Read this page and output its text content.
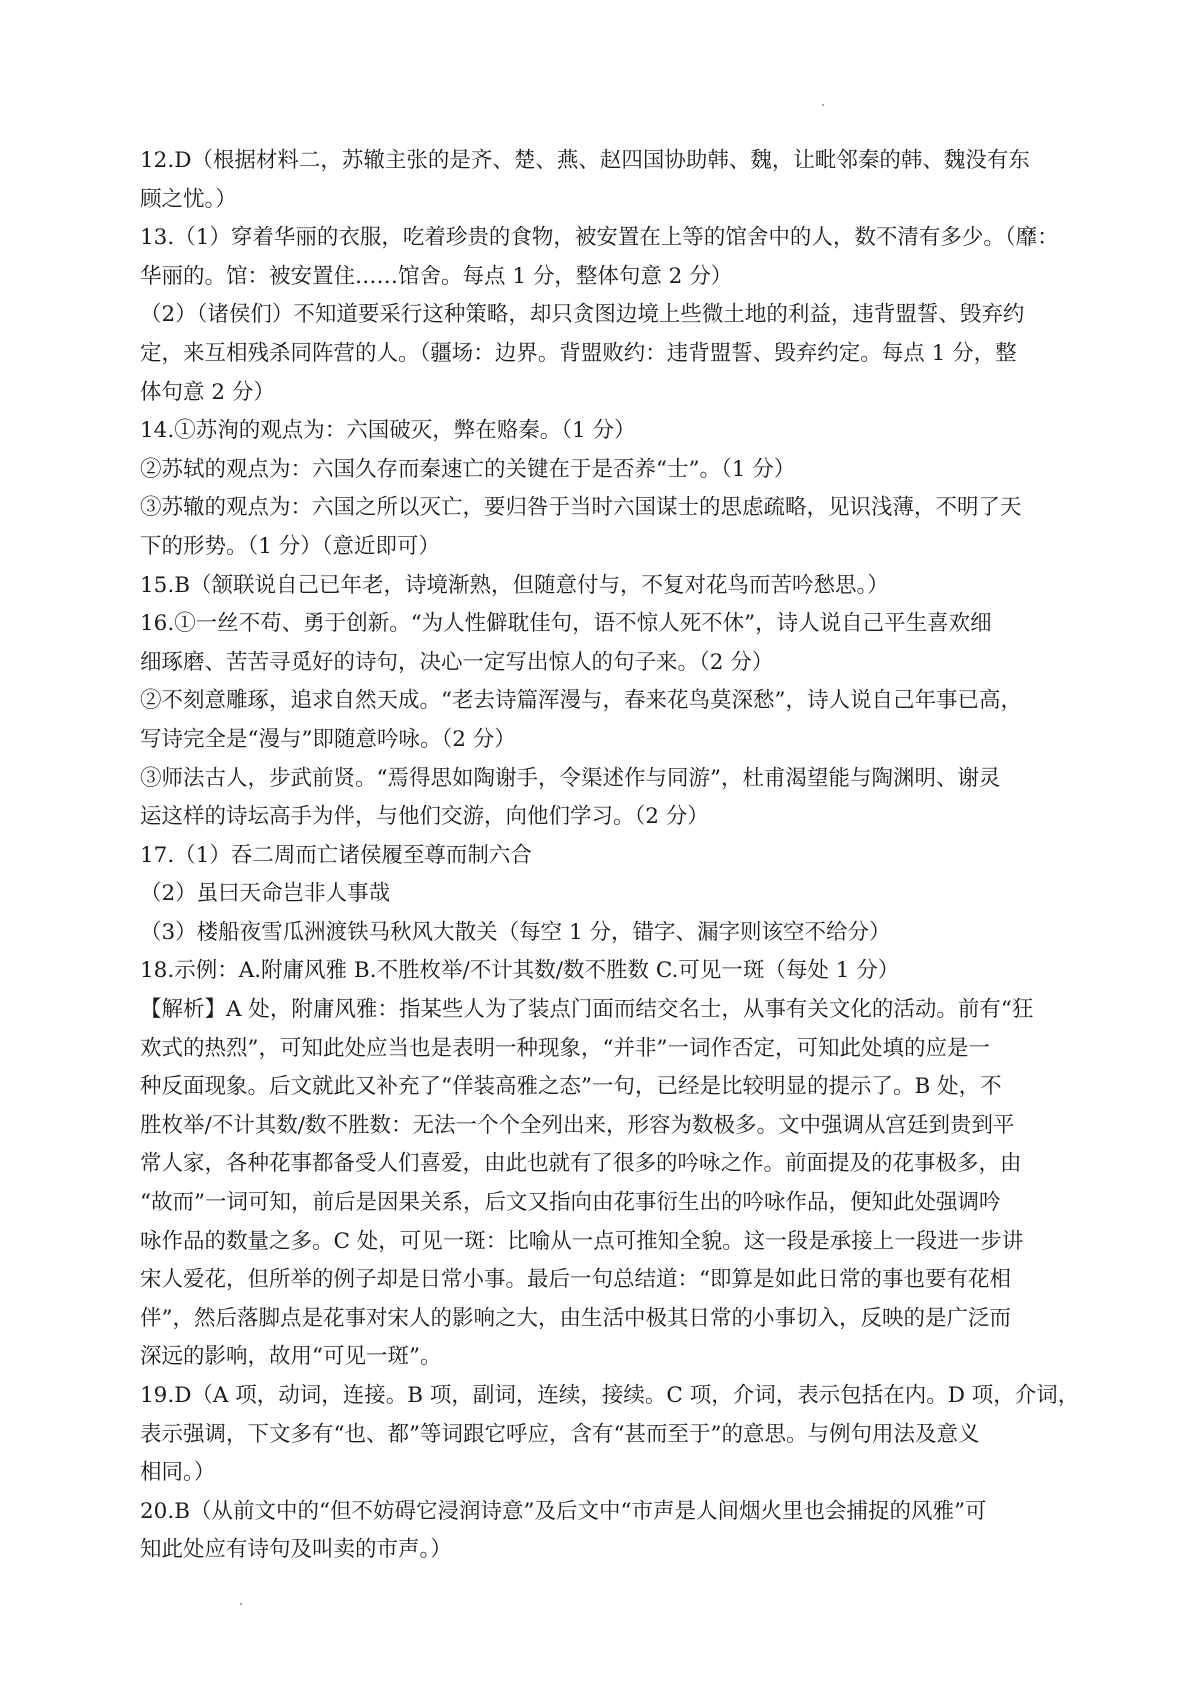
12.D（根据材料二，苏辙主张的是齐、楚、燕、赵四国协助韩、魏，让毗邻秦的韩、魏没有东
顾之忧。）
13.（1）穿着华丽的衣服，吃着珍贵的食物，被安置在上等的馆舍中的人，数不清有多少。（靡：
华丽的。馆：被安置住……馆舍。每点 1 分，整体句意 2 分）
（2）（诸侯们）不知道要采行这种策略，却只贪图边境上些微土地的利益，违背盟誓、毁弃约
定，来互相残杀同阵营的人。（疆场：边界。背盟败约：违背盟誓、毁弃约定。每点 1 分，整
体句意 2 分）
14.①苏洵的观点为：六国破灭，弊在赂秦。（1 分）
②苏轼的观点为：六国久存而秦速亡的关键在于是否养“士”。（1 分）
③苏辙的观点为：六国之所以灭亡，要归咎于当时六国谋士的思虑疏略，见识浅薄，不明了天
下的形势。（1 分）（意近即可）
15.B（颔联说自己已年老，诗境渐熟，但随意付与，不复对花鸟而苦吟愁思。）
16.①一丝不苟、勇于创新。“为人性僻耽佳句，语不惊人死不休”，诗人说自己平生喜欢细
细琢磨、苦苦寻觅好的诗句，决心一定写出惊人的句子来。（2 分）
②不刻意雕琢，追求自然天成。“老去诗篇浑漫与，春来花鸟莫深愁”，诗人说自己年事已高，
写诗完全是“漫与”即随意吟咏。（2 分）
③师法古人，步武前贤。“焉得思如陶谢手，令渠述作与同游”，杜甫渴望能与陶渊明、谢灵
运这样的诗坛高手为伴，与他们交游，向他们学习。（2 分）
17.（1）吞二周而亡诸侯履至尊而制六合
（2）虽曰天命岂非人事哉
（3）楼船夜雪瓜洲渡铁马秋风大散关（每空 1 分，错字、漏字则该空不给分）
18.示例：A.附庸风雅 B.不胜枚举/不计其数/数不胜数 C.可见一斑（每处 1 分）
【解析】A 处，附庸风雅：指某些人为了装点门面而结交名士，从事有关文化的活动。前有“狂
欢式的热烈”，可知此处应当也是表明一种现象，“并非”一词作否定，可知此处填的应是一
种反面现象。后文就此又补充了“佯装高雅之态”一句，已经是比较明显的提示了。B 处，不
胜枚举/不计其数/数不胜数：无法一个个全列出来，形容为数极多。文中强调从宫廷到贵到平
常人家，各种花事都备受人们喜爱，由此也就有了很多的吟咏之作。前面提及的花事极多，由
“故而”一词可知，前后是因果关系，后文又指向由花事衍生出的吟咏作品，便知此处强调吟
咏作品的数量之多。C 处，可见一斑：比喻从一点可推知全貌。这一段是承接上一段进一步讲
宋人爱花，但所举的例子却是日常小事。最后一句总结道：“即算是如此日常的事也要有花相
伴”，然后落脚点是花事对宋人的影响之大，由生活中极其日常的小事切入，反映的是广泛而
深远的影响，故用“可见一斑”。
19.D（A 项，动词，连接。B 项，副词，连续，接续。C 项，介词，表示包括在内。D 项，介词，
表示强调，下文多有“也、都”等词跟它呼应，含有“甚而至于”的意思。与例句用法及意义
相同。）
20.B（从前文中的“但不妨碍它浸润诗意”及后文中“市声是人间烟火里也会捕捉的风雅”可
知此处应有诗句及叫卖的市声。）
